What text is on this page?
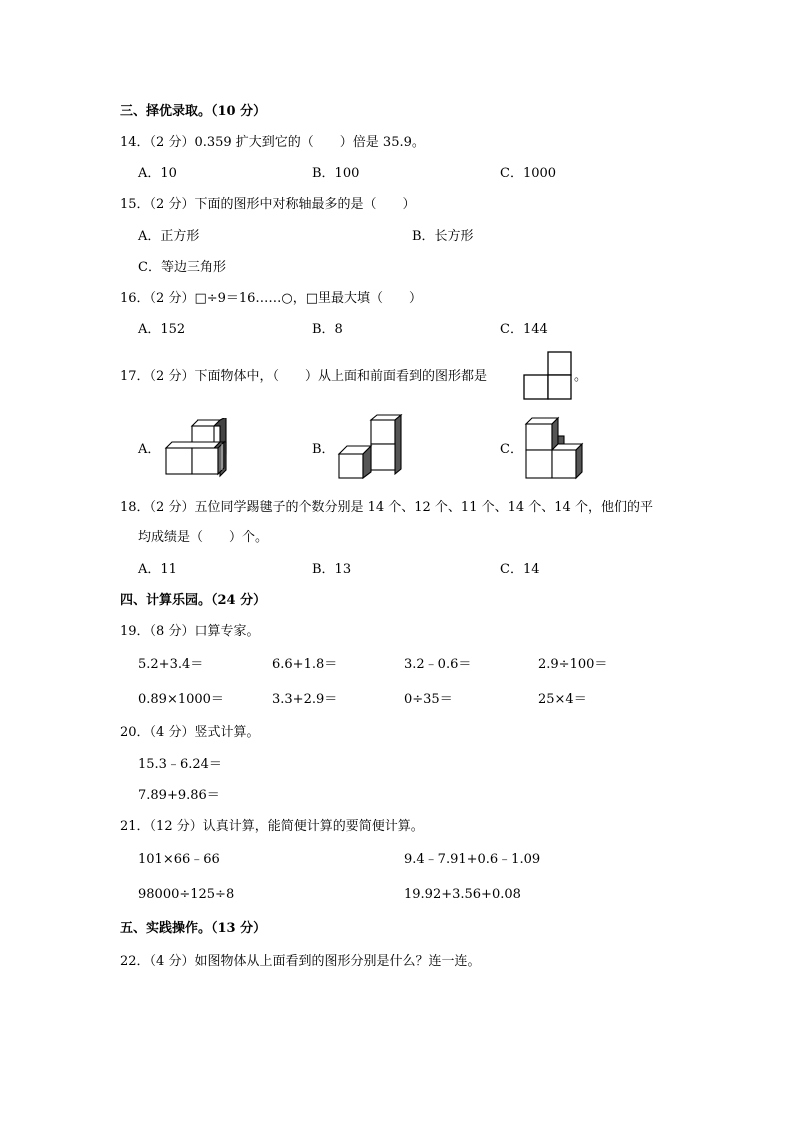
三、择优录取。（10 分）
14．（2 分）0.359 扩大到它的（　　）倍是 35.9。
A．10	B．100	C．1000
15．（2 分）下面的图形中对称轴最多的是（　　）
A．正方形	B．长方形
C．等边三角形
16．（2 分）□÷9＝16……○，□里最大填（　　）
A．152	B．8	C．144
17．（2 分）下面物体中，（　　）从上面和前面看到的图形都是	。
A．	B．	C．
18．（2 分）五位同学踢毽子的个数分别是 14 个、12 个、11 个、14 个、14 个，他们的平
均成绩是（　　）个。
A．11	B．13	C．14
四、计算乐园。（24 分）
19．（8 分）口算专家。
5.2+3.4＝	6.6+1.8＝	3.2﹣0.6＝	2.9÷100＝
0.89×1000＝	3.3+2.9＝	0÷35＝	25×4＝
20．（4 分）竖式计算。
15.3﹣6.24＝
7.89+9.86＝
21．（12 分）认真计算，能简便计算的要简便计算。
101×66﹣66	9.4﹣7.91+0.6﹣1.09
98000÷125÷8	19.92+3.56+0.08
五、实践操作。（13 分）
22．（4 分）如图物体从上面看到的图形分别是什么？连一连。
